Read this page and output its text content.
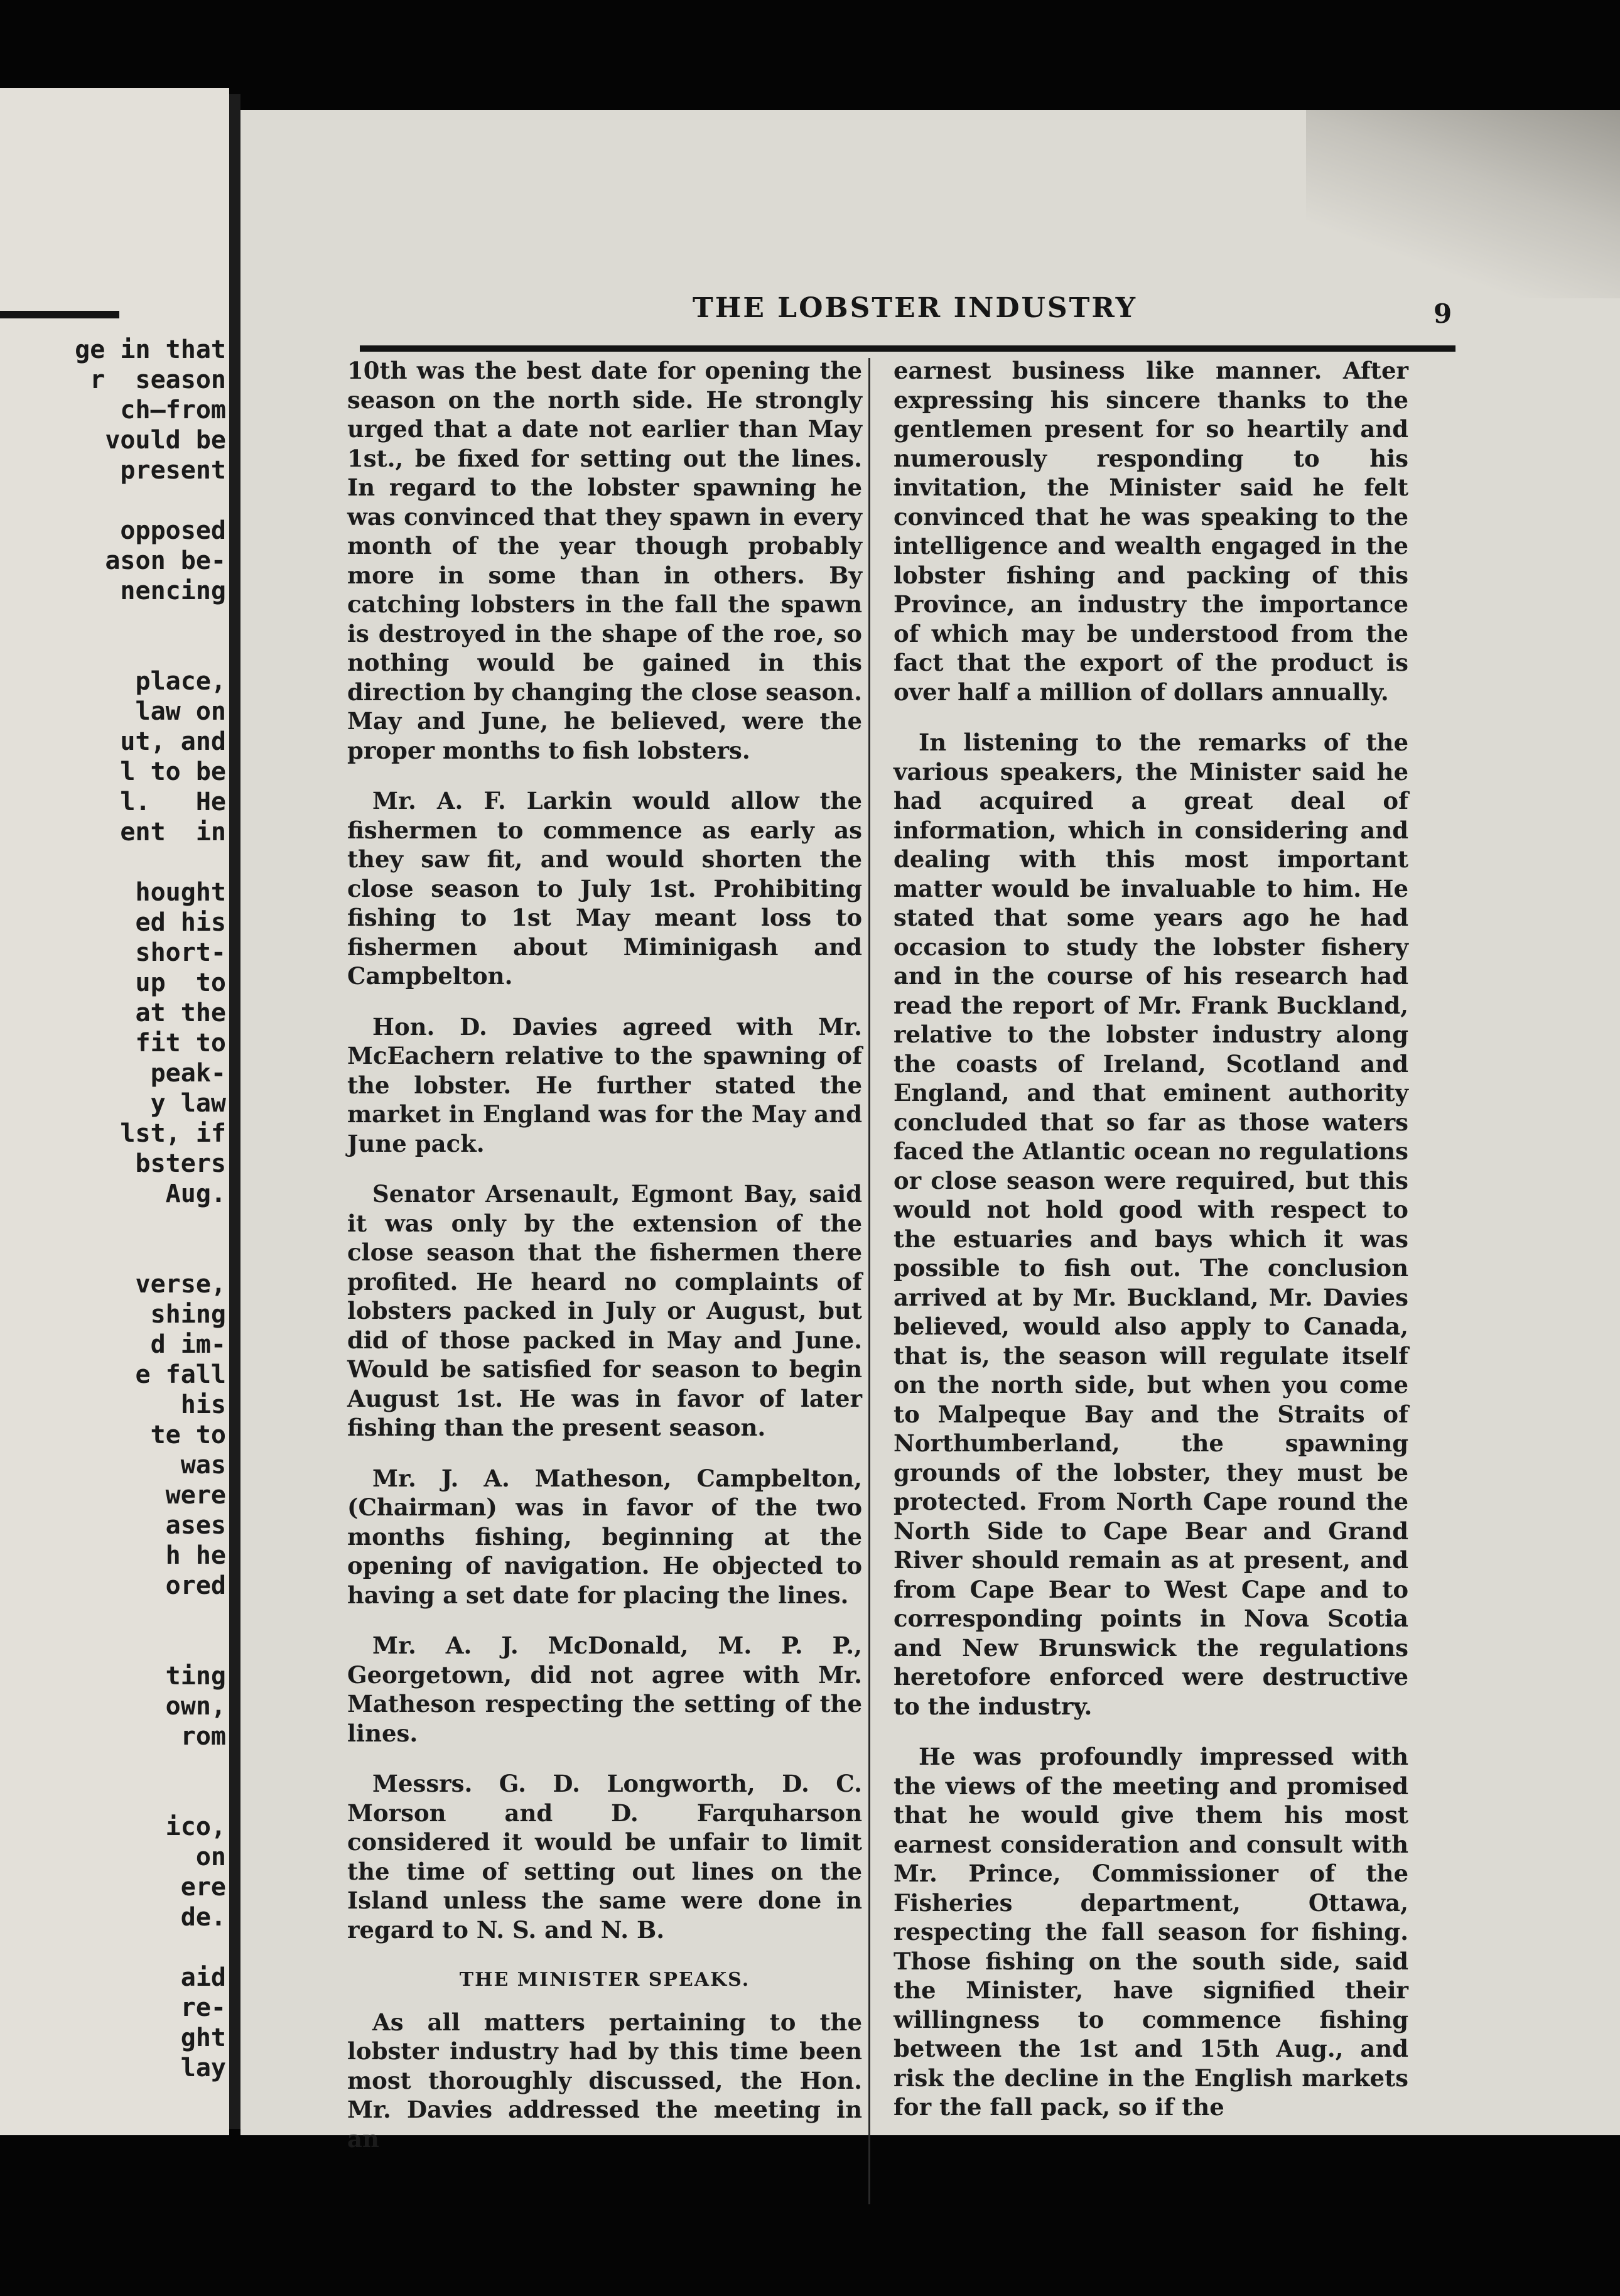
ge in that
r  season
ch—from
vould be
present

opposed
ason be-
nencing

place,
law on
ut, and
l to be
l.   He
ent  in

hought
ed his
short-
up  to
at the
fit to
peak-
y law
lst, if
bsters
Aug.

verse,
shing
d im-
e fall
his
te to
was
were
ases
h he
ored

ting
own,
rom

ico,
on
ere
de.

aid
re-
ght
lay
THE LOBSTER INDUSTRY	9

10th was the best date for opening the season on the north side. He strongly urged that a date not earlier than May 1st., be fixed for setting out the lines. In regard to the lobster spawning he was convinced that they spawn in every month of the year though probably more in some than in others. By catching lobsters in the fall the spawn is destroyed in the shape of the roe, so nothing would be gained in this direction by changing the close season. May and June, he believed, were the proper months to fish lobsters.

Mr. A. F. Larkin would allow the fishermen to commence as early as they saw fit, and would shorten the close season to July 1st. Prohibiting fishing to 1st May meant loss to fishermen about Miminigash and Campbelton.

Hon. D. Davies agreed with Mr. McEachern relative to the spawning of the lobster. He further stated the market in England was for the May and June pack.

Senator Arsenault, Egmont Bay, said it was only by the extension of the close season that the fishermen there profited. He heard no complaints of lobsters packed in July or August, but did of those packed in May and June. Would be satisfied for season to begin August 1st. He was in favor of later fishing than the present season.

Mr. J. A. Matheson, Campbelton, (Chairman) was in favor of the two months fishing, beginning at the opening of navigation. He objected to having a set date for placing the lines.

Mr. A. J. McDonald, M. P. P., Georgetown, did not agree with Mr. Matheson respecting the setting of the lines.

Messrs. G. D. Longworth, D. C. Morson and D. Farquharson considered it would be unfair to limit the time of setting out lines on the Island unless the same were done in regard to N. S. and N. B.

THE MINISTER SPEAKS.

As all matters pertaining to the lobster industry had by this time been most thoroughly discussed, the Hon. Mr. Davies addressed the meeting in an

earnest business like manner. After expressing his sincere thanks to the gentlemen present for so heartily and numerously responding to his invitation, the Minister said he felt convinced that he was speaking to the intelligence and wealth engaged in the lobster fishing and packing of this Province, an industry the importance of which may be understood from the fact that the export of the product is over half a million of dollars annually.

In listening to the remarks of the various speakers, the Minister said he had acquired a great deal of information, which in considering and dealing with this most important matter would be invaluable to him. He stated that some years ago he had occasion to study the lobster fishery and in the course of his research had read the report of Mr. Frank Buckland, relative to the lobster industry along the coasts of Ireland, Scotland and England, and that eminent authority concluded that so far as those waters faced the Atlantic ocean no regulations or close season were required, but this would not hold good with respect to the estuaries and bays which it was possible to fish out. The conclusion arrived at by Mr. Buckland, Mr. Davies believed, would also apply to Canada, that is, the season will regulate itself on the north side, but when you come to Malpeque Bay and the Straits of Northumberland, the spawning grounds of the lobster, they must be protected. From North Cape round the North Side to Cape Bear and Grand River should remain as at present, and from Cape Bear to West Cape and to corresponding points in Nova Scotia and New Brunswick the regulations heretofore enforced were destructive to the industry.

He was profoundly impressed with the views of the meeting and promised that he would give them his most earnest consideration and consult with Mr. Prince, Commissioner of the Fisheries department, Ottawa, respecting the fall season for fishing. Those fishing on the south side, said the Minister, have signified their willingness to commence fishing between the 1st and 15th Aug., and risk the decline in the English markets for the fall pack, so if the
